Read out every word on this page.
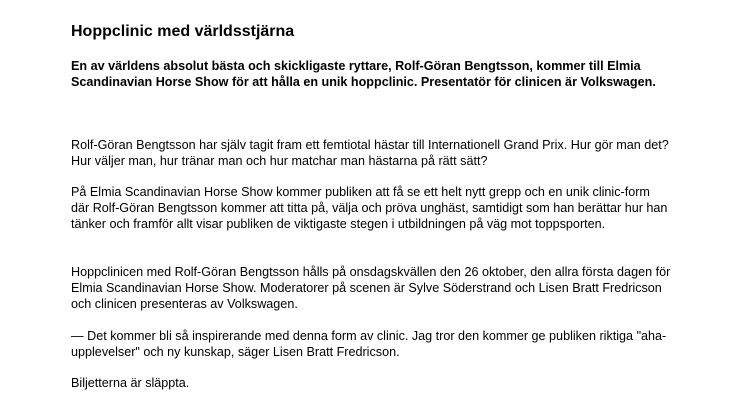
Hoppclinic med världsstjärna

En av världens absolut bästa och skickligaste ryttare, Rolf-Göran Bengtsson, kommer till Elmia Scandinavian Horse Show för att hålla en unik hoppclinic. Presentatör för clinicen är Volkswagen.

Rolf-Göran Bengtsson har själv tagit fram ett femtiotal hästar till Internationell Grand Prix. Hur gör man det? Hur väljer man, hur tränar man och hur matchar man hästarna på rätt sätt?

På Elmia Scandinavian Horse Show kommer publiken att få se ett helt nytt grepp och en unik clinic-form där Rolf-Göran Bengtsson kommer att titta på, välja och pröva unghäst, samtidigt som han berättar hur han tänker och framför allt visar publiken de viktigaste stegen i utbildningen på väg mot toppsporten.

Hoppclinicen med Rolf-Göran Bengtsson hålls på onsdagskvällen den 26 oktober, den allra första dagen för Elmia Scandinavian Horse Show. Moderatorer på scenen är Sylve Söderstrand och Lisen Bratt Fredricson och clinicen presenteras av Volkswagen.

— Det kommer bli så inspirerande med denna form av clinic. Jag tror den kommer ge publiken riktiga "aha-upplevelser" och ny kunskap, säger Lisen Bratt Fredricson.

Biljetterna är släppta.
